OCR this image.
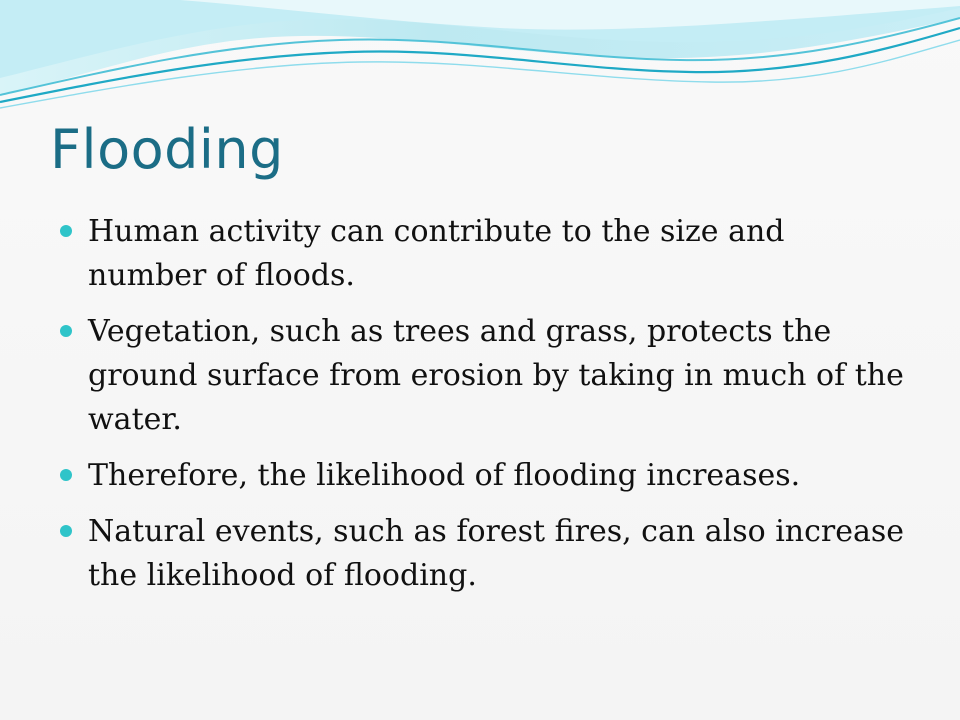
Flooding
Human activity can contribute to the size and number of floods.
Vegetation, such as trees and grass, protects the ground surface from erosion by taking in much of the water.
Therefore, the likelihood of flooding increases.
Natural events, such as forest fires, can also increase the likelihood of flooding.
